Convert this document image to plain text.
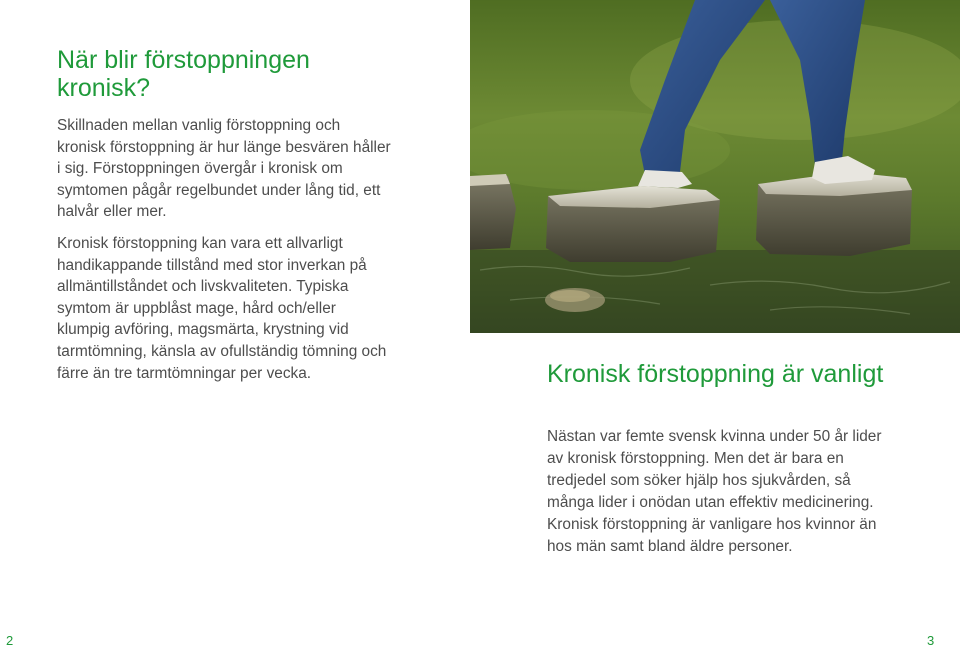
När blir förstoppningen kronisk?

Skillnaden mellan vanlig förstoppning och kronisk förstoppning är hur länge besvären håller i sig. Förstoppningen övergår i kronisk om symtomen pågår regelbundet under lång tid, ett halvår eller mer.

Kronisk förstoppning kan vara ett allvarligt handikappande tillstånd med stor inverkan på allmäntillståndet och livskvaliteten. Typiska symtom är uppblåst mage, hård och/eller klumpig avföring, magsmärta, krystning vid tarmtömning, känsla av ofullständig tömning och färre än tre tarmtömningar per vecka.

2
Kronisk förstoppning är vanligt

Nästan var femte svensk kvinna under 50 år lider av kronisk förstoppning. Men det är bara en tredjedel som söker hjälp hos sjukvården, så många lider i onödan utan effektiv medicinering. Kronisk förstoppning är vanligare hos kvinnor än hos män samt bland äldre personer.

3
